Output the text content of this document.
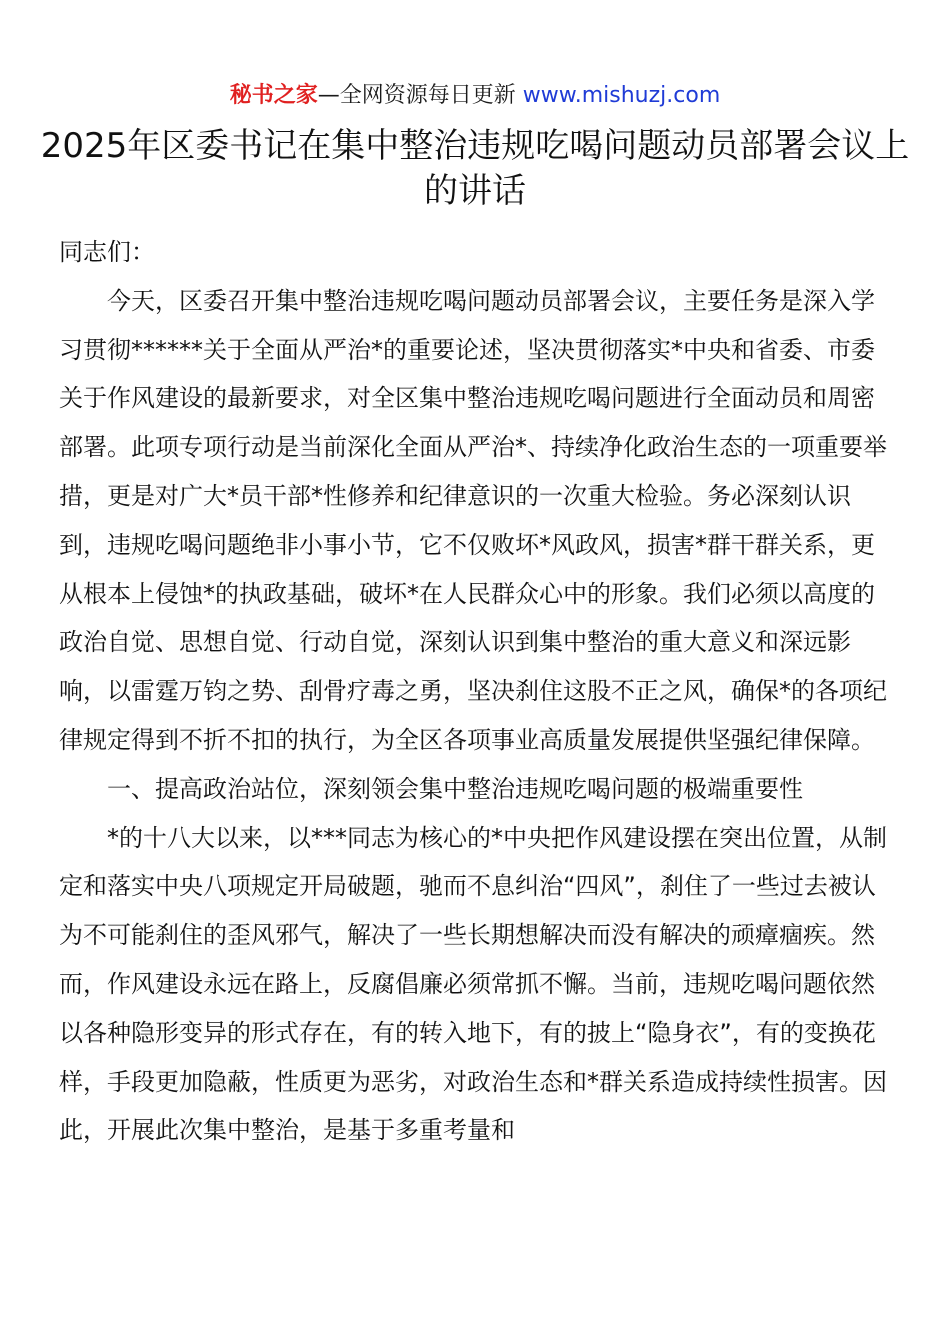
秘书之家—全网资源每日更新 www.mishuzj.com
2025年区委书记在集中整治违规吃喝问题动员部署会议上的讲话

同志们：

今天，区委召开集中整治违规吃喝问题动员部署会议，主要任务是深入学习贯彻******关于全面从严治*的重要论述，坚决贯彻落实*中央和省委、市委关于作风建设的最新要求，对全区集中整治违规吃喝问题进行全面动员和周密部署。此项专项行动是当前深化全面从严治*、持续净化政治生态的一项重要举措，更是对广大*员干部*性修养和纪律意识的一次重大检验。务必深刻认识到，违规吃喝问题绝非小事小节，它不仅败坏*风政风，损害*群干群关系，更从根本上侵蚀*的执政基础，破坏*在人民群众心中的形象。我们必须以高度的政治自觉、思想自觉、行动自觉，深刻认识到集中整治的重大意义和深远影响，以雷霆万钧之势、刮骨疗毒之勇，坚决刹住这股不正之风，确保*的各项纪律规定得到不折不扣的执行，为全区各项事业高质量发展提供坚强纪律保障。

一、提高政治站位，深刻领会集中整治违规吃喝问题的极端重要性

*的十八大以来，以***同志为核心的*中央把作风建设摆在突出位置，从制定和落实中央八项规定开局破题，驰而不息纠治“四风”，刹住了一些过去被认为不可能刹住的歪风邪气，解决了一些长期想解决而没有解决的顽瘴痼疾。然而，作风建设永远在路上，反腐倡廉必须常抓不懈。当前，违规吃喝问题依然以各种隐形变异的形式存在，有的转入地下，有的披上“隐身衣”，有的变换花样，手段更加隐蔽，性质更为恶劣，对政治生态和*群关系造成持续性损害。因此，开展此次集中整治，是基于多重考量和
